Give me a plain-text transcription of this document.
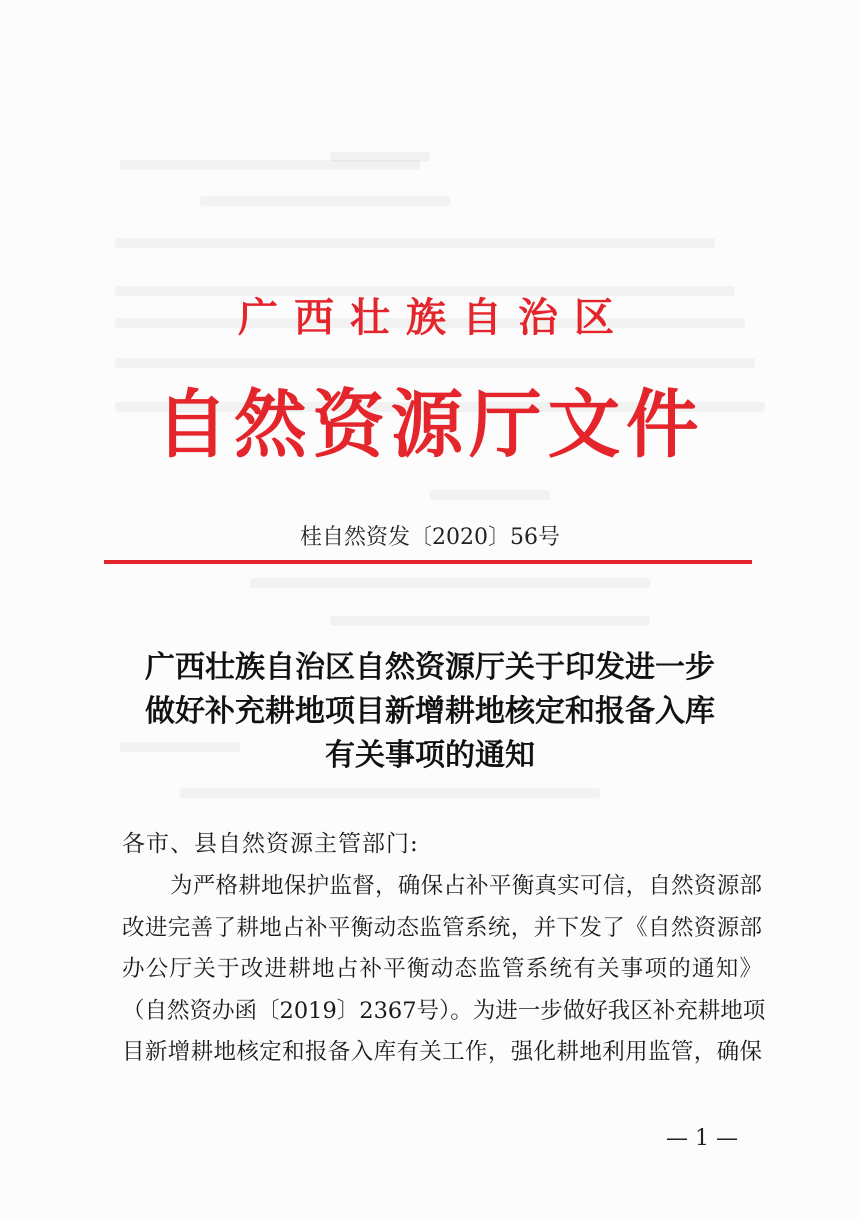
广西壮族自治区
自然资源厅文件
桂自然资发〔2020〕56号
广西壮族自治区自然资源厅关于印发进一步
做好补充耕地项目新增耕地核定和报备入库
有关事项的通知
各市、县自然资源主管部门:
为严格耕地保护监督，确保占补平衡真实可信，自然资源部
改进完善了耕地占补平衡动态监管系统，并下发了《自然资源部
办公厅关于改进耕地占补平衡动态监管系统有关事项的通知》
（自然资办函〔2019〕2367号）。为进一步做好我区补充耕地项
目新增耕地核定和报备入库有关工作，强化耕地利用监管，确保
— 1 —
